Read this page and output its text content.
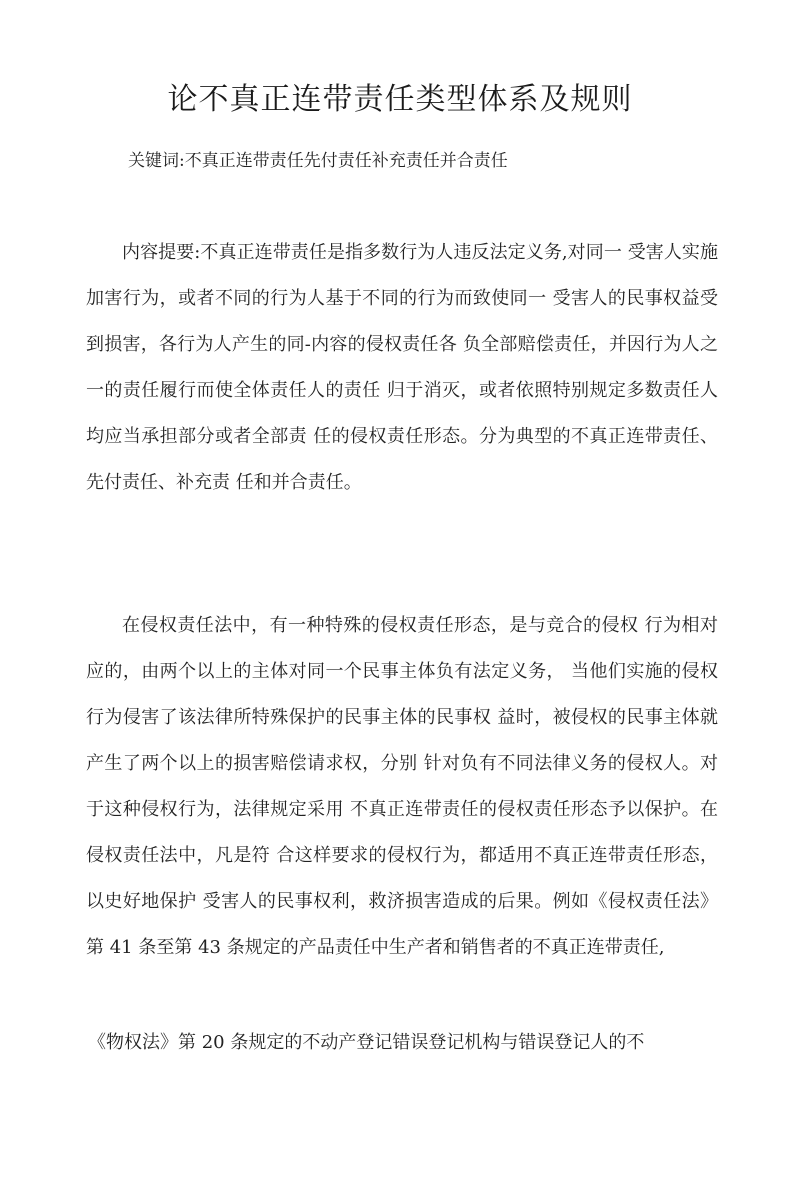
论不真正连带责任类型体系及规则
关键词:不真正连带责任先付责任补充责任并合责任

内容提要:不真正连带责任是指多数行为人违反法定义务,对同一 受害人实施加害行为，或者不同的行为人基于不同的行为而致使同一 受害人的民事权益受到损害，各行为人产生的同-内容的侵权责任各 负全部赔偿责任，并因行为人之一的责任履行而使全体责任人的责任 归于消灭，或者依照特别规定多数责任人均应当承担部分或者全部责 任的侵权责任形态。分为典型的不真正连带责任、先付责任、补充责 任和并合责任。

在侵权责任法中，有一种特殊的侵权责任形态，是与竞合的侵权 行为相对应的，由两个以上的主体对同一个民事主体负有法定义务， 当他们实施的侵权行为侵害了该法律所特殊保护的民事主体的民事权 益时，被侵权的民事主体就产生了两个以上的损害赔偿请求权，分别 针对负有不同法律义务的侵权人。对于这种侵权行为，法律规定采用 不真正连带责任的侵权责任形态予以保护。在侵权责任法中，凡是符 合这样要求的侵权行为，都适用不真正连带责任形态，以史好地保护 受害人的民事权利，救济损害造成的后果。例如《侵权责任法》第 41 条至第 43 条规定的产品责任中生产者和销售者的不真正连带责任,

《物权法》第 20 条规定的不动产登记错误登记机构与错误登记人的不
